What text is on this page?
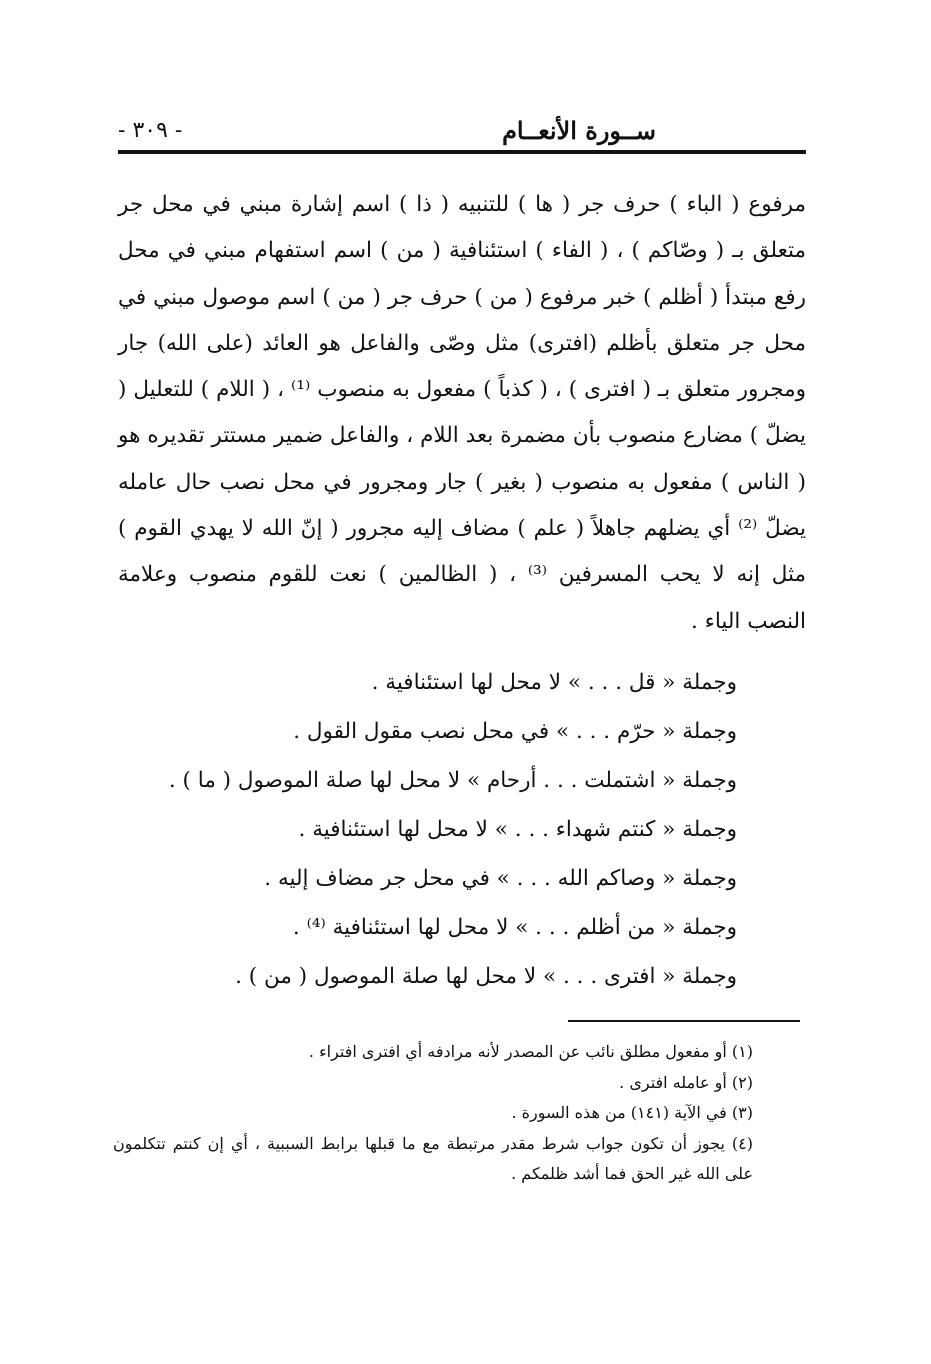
ســورة الأنعــام
- ٣٠٩ -

مرفوع ( الباء ) حرف جر ( ها ) للتنبيه ( ذا ) اسم إشارة مبني في محل جر متعلق بـ ( وصّاكم ) ، ( الفاء ) استئنافية ( من ) اسم استفهام مبني في محل رفع مبتدأ ( أظلم ) خبر مرفوع ( من ) حرف جر ( من ) اسم موصول مبني في محل جر متعلق بأظلم (افترى) مثل وصّى والفاعل هو العائد (على الله) جار ومجرور متعلق بـ ( افترى ) ، ( كذباً ) مفعول به منصوب ⁽¹⁾ ، ( اللام ) للتعليل ( يضلّ ) مضارع منصوب بأن مضمرة بعد اللام ، والفاعل ضمير مستتر تقديره هو ( الناس ) مفعول به منصوب ( بغير ) جار ومجرور في محل نصب حال عامله يضلّ ⁽²⁾ أي يضلهم جاهلاً ( علم ) مضاف إليه مجرور ( إنّ الله لا يهدي القوم ) مثل إنه لا يحب المسرفين ⁽³⁾ ، ( الظالمين ) نعت للقوم منصوب وعلامة النصب الياء .

وجملة « قل . . . » لا محل لها استئنافية .
وجملة « حرّم . . . » في محل نصب مقول القول .
وجملة « اشتملت . . . أرحام » لا محل لها صلة الموصول ( ما ) .
وجملة « كنتم شهداء . . . » لا محل لها استئنافية .
وجملة « وصاكم الله . . . » في محل جر مضاف إليه .
وجملة « من أظلم . . . » لا محل لها استئنافية ⁽⁴⁾ .
وجملة « افترى . . . » لا محل لها صلة الموصول ( من ) .
(١) أو مفعول مطلق نائب عن المصدر لأنه مرادفه أي افترى افتراء .
(٢) أو عامله افترى .
(٣) في الآية (١٤١) من هذه السورة .
(٤) يجوز أن تكون جواب شرط مقدر مرتبطة مع ما قبلها برابط السببية ، أي إن كنتم تتكلمون على الله غير الحق فما أشد ظلمكم .
